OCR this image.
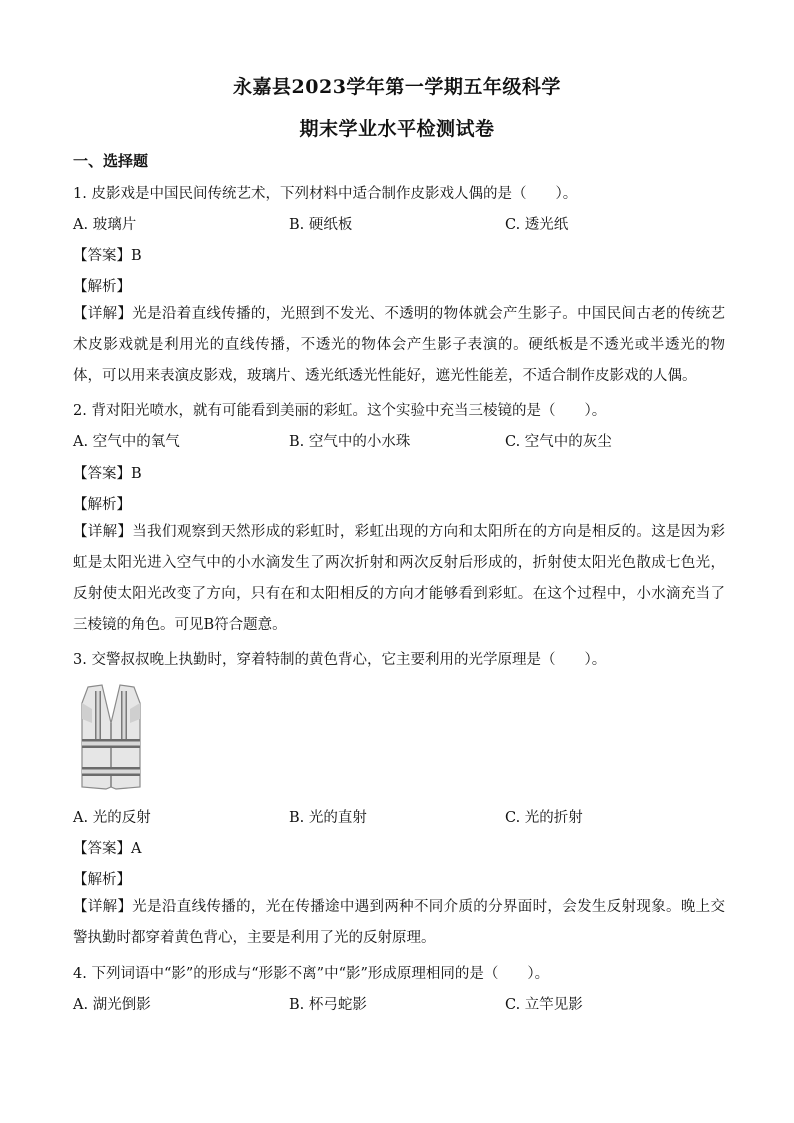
永嘉县2023学年第一学期五年级科学
期末学业水平检测试卷
一、选择题
1. 皮影戏是中国民间传统艺术，下列材料中适合制作皮影戏人偶的是（　　）。
A. 玻璃片	B. 硬纸板	C. 透光纸
【答案】B
【解析】
【详解】光是沿着直线传播的，光照到不发光、不透明的物体就会产生影子。中国民间古老的传统艺术皮影戏就是利用光的直线传播，不透光的物体会产生影子表演的。硬纸板是不透光或半透光的物体，可以用来表演皮影戏，玻璃片、透光纸透光性能好，遮光性能差，不适合制作皮影戏的人偶。
2. 背对阳光喷水，就有可能看到美丽的彩虹。这个实验中充当三棱镜的是（　　）。
A. 空气中的氧气	B. 空气中的小水珠	C. 空气中的灰尘
【答案】B
【解析】
【详解】当我们观察到天然形成的彩虹时，彩虹出现的方向和太阳所在的方向是相反的。这是因为彩虹是太阳光进入空气中的小水滴发生了两次折射和两次反射后形成的，折射使太阳光色散成七色光，反射使太阳光改变了方向，只有在和太阳相反的方向才能够看到彩虹。在这个过程中，小水滴充当了三棱镜的角色。可见B符合题意。
3. 交警叔叔晚上执勤时，穿着特制的黄色背心，它主要利用的光学原理是（　　）。
A. 光的反射	B. 光的直射	C. 光的折射
【答案】A
【解析】
【详解】光是沿直线传播的，光在传播途中遇到两种不同介质的分界面时，会发生反射现象。晚上交警执勤时都穿着黄色背心，主要是利用了光的反射原理。
4. 下列词语中“影”的形成与“形影不离”中“影”形成原理相同的是（　　）。
A. 湖光倒影	B. 杯弓蛇影	C. 立竿见影
